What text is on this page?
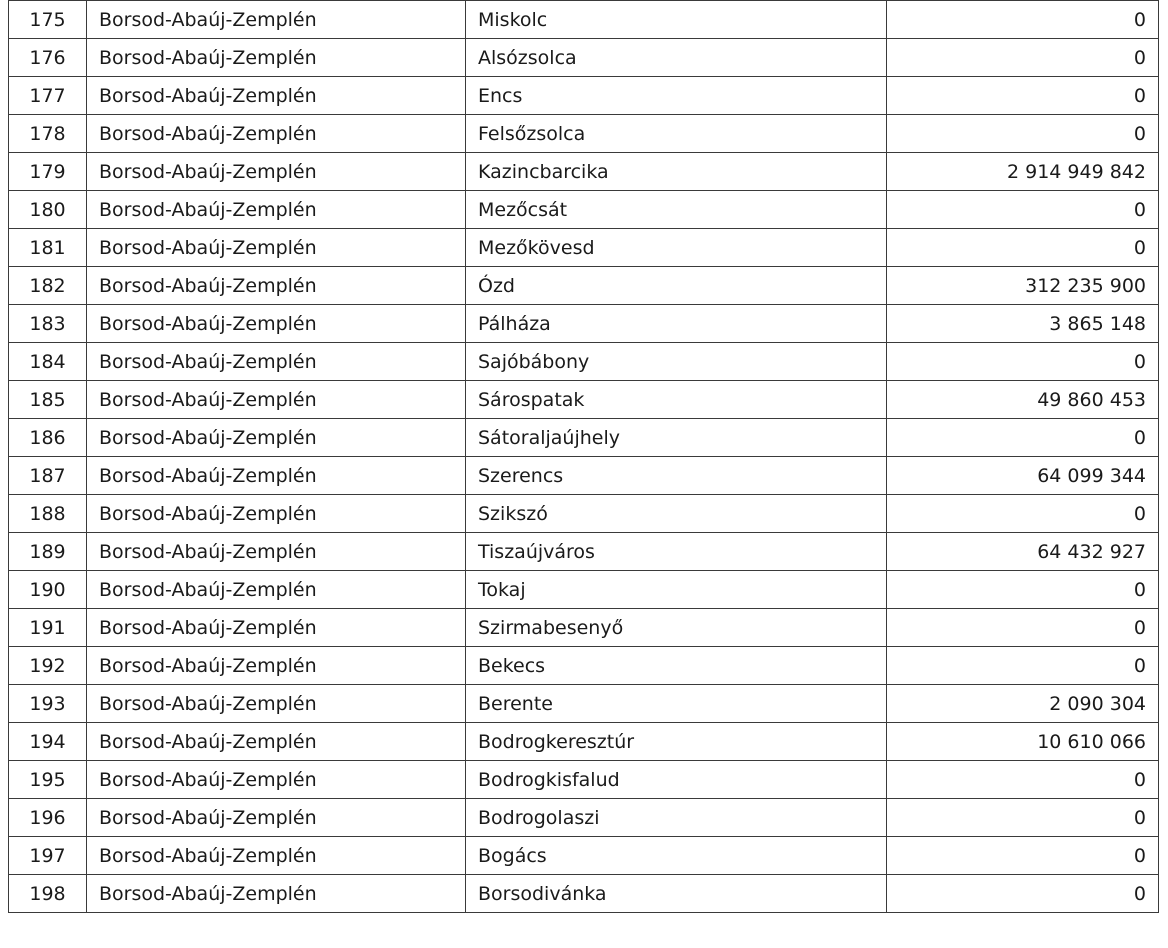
175	Borsod-Abaúj-Zemplén	Miskolc	0
176	Borsod-Abaúj-Zemplén	Alsózsolca	0
177	Borsod-Abaúj-Zemplén	Encs	0
178	Borsod-Abaúj-Zemplén	Felsőzsolca	0
179	Borsod-Abaúj-Zemplén	Kazincbarcika	2 914 949 842
180	Borsod-Abaúj-Zemplén	Mezőcsát	0
181	Borsod-Abaúj-Zemplén	Mezőkövesd	0
182	Borsod-Abaúj-Zemplén	Ózd	312 235 900
183	Borsod-Abaúj-Zemplén	Pálháza	3 865 148
184	Borsod-Abaúj-Zemplén	Sajóbábony	0
185	Borsod-Abaúj-Zemplén	Sárospatak	49 860 453
186	Borsod-Abaúj-Zemplén	Sátoraljaújhely	0
187	Borsod-Abaúj-Zemplén	Szerencs	64 099 344
188	Borsod-Abaúj-Zemplén	Szikszó	0
189	Borsod-Abaúj-Zemplén	Tiszaújváros	64 432 927
190	Borsod-Abaúj-Zemplén	Tokaj	0
191	Borsod-Abaúj-Zemplén	Szirmabesenyő	0
192	Borsod-Abaúj-Zemplén	Bekecs	0
193	Borsod-Abaúj-Zemplén	Berente	2 090 304
194	Borsod-Abaúj-Zemplén	Bodrogkeresztúr	10 610 066
195	Borsod-Abaúj-Zemplén	Bodrogkisfalud	0
196	Borsod-Abaúj-Zemplén	Bodrogolaszi	0
197	Borsod-Abaúj-Zemplén	Bogács	0
198	Borsod-Abaúj-Zemplén	Borsodivánka	0
